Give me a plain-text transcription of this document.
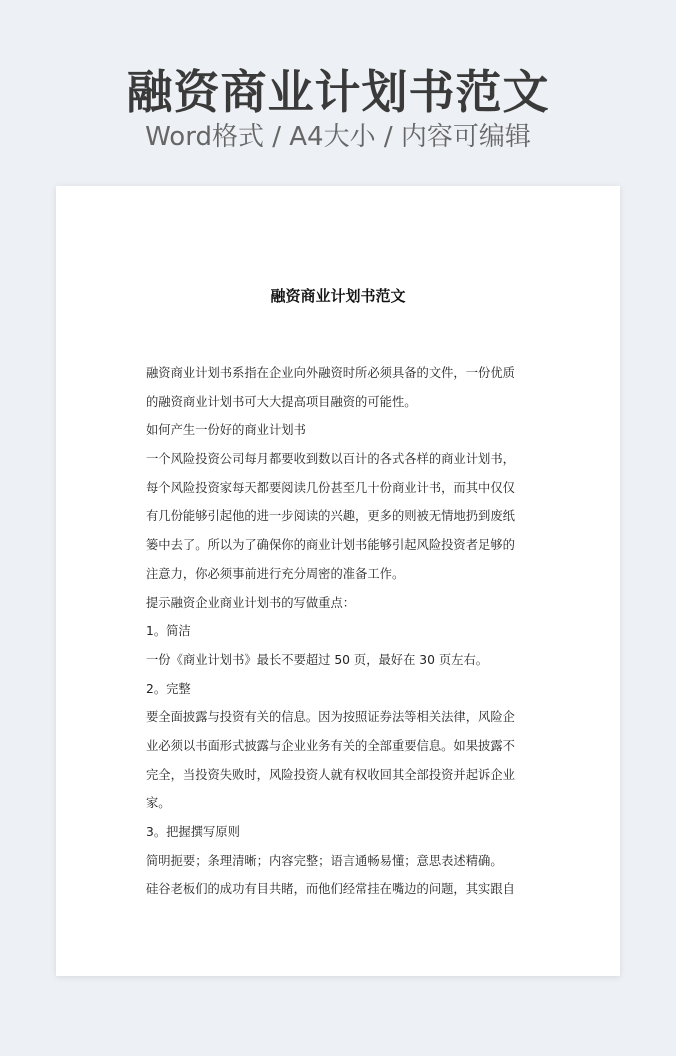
融资商业计划书范文
Word格式 / A4大小 / 内容可编辑
融资商业计划书范文
融资商业计划书系指在企业向外融资时所必须具备的文件，一份优质
的融资商业计划书可大大提高项目融资的可能性。
如何产生一份好的商业计划书
一个风险投资公司每月都要收到数以百计的各式各样的商业计划书，
每个风险投资家每天都要阅读几份甚至几十份商业计书，而其中仅仅
有几份能够引起他的进一步阅读的兴趣，更多的则被无情地扔到废纸
篓中去了。所以为了确保你的商业计划书能够引起风险投资者足够的
注意力，你必须事前进行充分周密的准备工作。
提示融资企业商业计划书的写做重点：
1。简洁
一份《商业计划书》最长不要超过 50 页，最好在 30 页左右。
2。完整
要全面披露与投资有关的信息。因为按照证券法等相关法律，风险企
业必须以书面形式披露与企业业务有关的全部重要信息。如果披露不
完全，当投资失败时，风险投资人就有权收回其全部投资并起诉企业
家。
3。把握撰写原则
简明扼要；条理清晰；内容完整；语言通畅易懂；意思表述精确。
硅谷老板们的成功有目共睹，而他们经常挂在嘴边的问题，其实跟自
